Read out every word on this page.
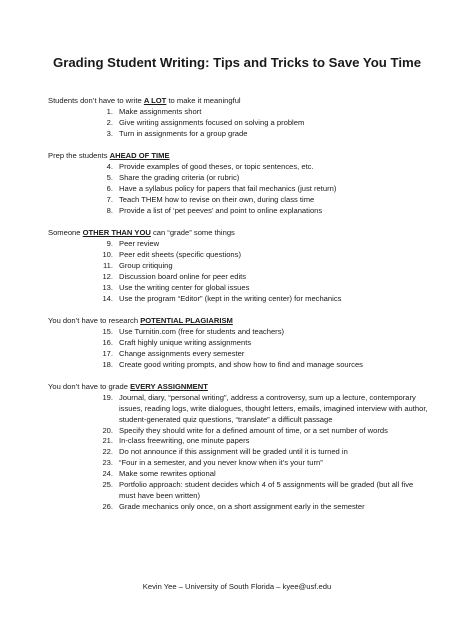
Grading Student Writing: Tips and Tricks to Save You Time
Students don’t have to write A LOT to make it meaningful
1. Make assignments short
2. Give writing assignments focused on solving a problem
3. Turn in assignments for a group grade
Prep the students AHEAD OF TIME
4. Provide examples of good theses, or topic sentences, etc.
5. Share the grading criteria (or rubric)
6. Have a syllabus policy for papers that fail mechanics (just return)
7. Teach THEM how to revise on their own, during class time
8. Provide a list of ‘pet peeves’ and point to online explanations
Someone OTHER THAN YOU can “grade” some things
9. Peer review
10. Peer edit sheets (specific questions)
11. Group critiquing
12. Discussion board online for peer edits
13. Use the writing center for global issues
14. Use the program “Editor” (kept in the writing center) for mechanics
You don’t have to research POTENTIAL PLAGIARISM
15. Use Turnitin.com (free for students and teachers)
16. Craft highly unique writing assignments
17. Change assignments every semester
18. Create good writing prompts, and show how to find and manage sources
You don’t have to grade EVERY ASSIGNMENT
19. Journal, diary, “personal writing”, address a controversy, sum up a lecture, contemporary issues, reading logs, write dialogues, thought letters, emails, imagined interview with author, student-generated quiz questions, “translate” a difficult passage
20. Specify they should write for a defined amount of time, or a set number of words
21. In-class freewriting, one minute papers
22. Do not announce if this assignment will be graded until it is turned in
23. “Four in a semester, and you never know when it’s your turn”
24. Make some rewrites optional
25. Portfolio approach: student decides which 4 of 5 assignments will be graded (but all five must have been written)
26. Grade mechanics only once, on a short assignment early in the semester
Kevin Yee – University of South Florida – kyee@usf.edu
